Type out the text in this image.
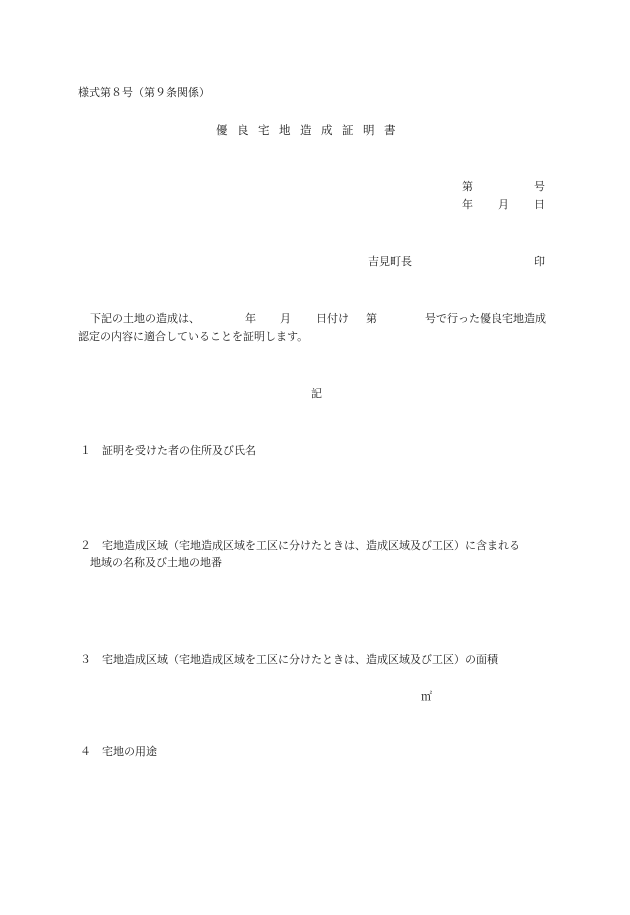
様式第８号（第９条関係）
優良宅地造成証明書
第	号
年 月 日
吉見町長	印
下記の土地の造成は、	年 月 日付け 第	号で行った優良宅地造成
認定の内容に適合していることを証明します。
記
１ 証明を受けた者の住所及び氏名
２ 宅地造成区域（宅地造成区域を工区に分けたときは、造成区域及び工区）に含まれる
地域の名称及び土地の地番
３ 宅地造成区域（宅地造成区域を工区に分けたときは、造成区域及び工区）の面積
㎡
４ 宅地の用途
